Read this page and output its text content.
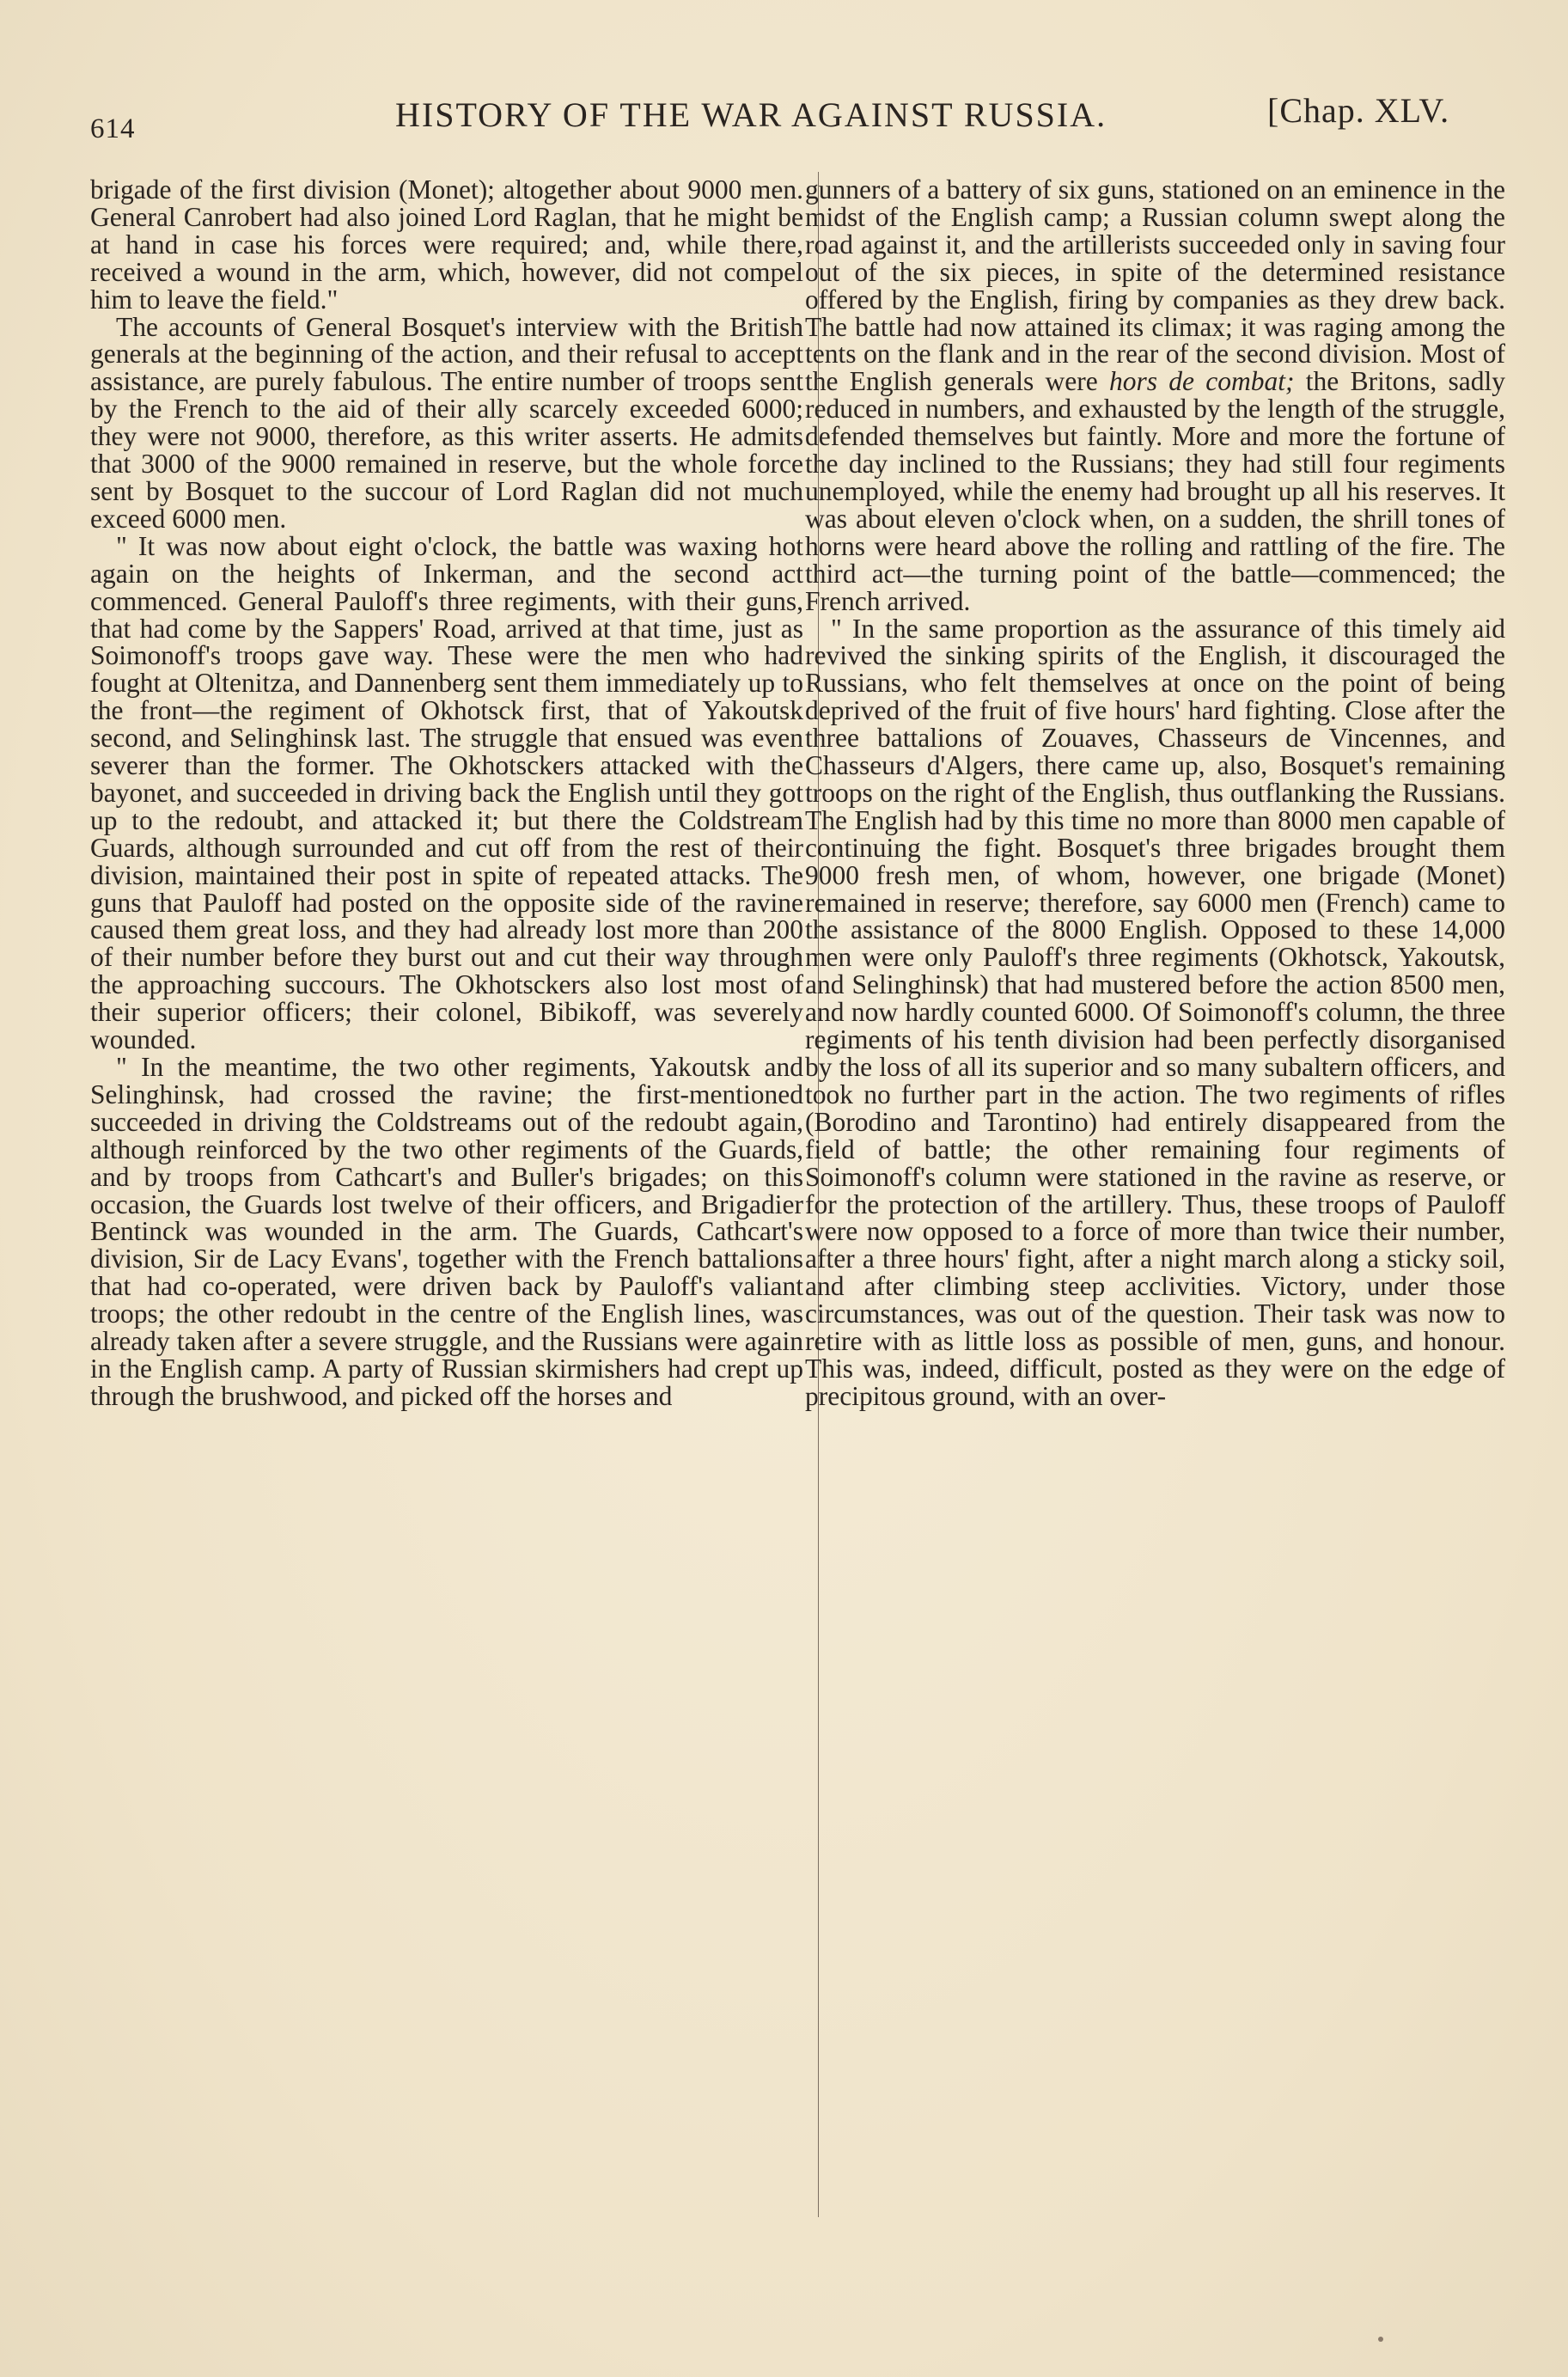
614	HISTORY OF THE WAR AGAINST RUSSIA.	[Chap. XLV.

brigade of the first division (Monet); altogether about 9000 men. General Canrobert had also joined Lord Raglan, that he might be at hand in case his forces were required; and, while there, received a wound in the arm, which, however, did not compel him to leave the field."

The accounts of General Bosquet's interview with the British generals at the beginning of the action, and their refusal to accept assistance, are purely fabulous. The entire number of troops sent by the French to the aid of their ally scarcely exceeded 6000; they were not 9000, therefore, as this writer asserts. He admits that 3000 of the 9000 remained in reserve, but the whole force sent by Bosquet to the succour of Lord Raglan did not much exceed 6000 men.

" It was now about eight o'clock, the battle was waxing hot again on the heights of Inkerman, and the second act commenced. General Pauloff's three regiments, with their guns, that had come by the Sappers' Road, arrived at that time, just as Soimonoff's troops gave way. These were the men who had fought at Oltenitza, and Dannenberg sent them immediately up to the front—the regiment of Okhotsck first, that of Yakoutsk second, and Selinghinsk last. The struggle that ensued was even severer than the former. The Okhotsckers attacked with the bayonet, and succeeded in driving back the English until they got up to the redoubt, and attacked it; but there the Coldstream Guards, although surrounded and cut off from the rest of their division, maintained their post in spite of repeated attacks. The guns that Pauloff had posted on the opposite side of the ravine caused them great loss, and they had already lost more than 200 of their number before they burst out and cut their way through the approaching succours. The Okhotsckers also lost most of their superior officers; their colonel, Bibikoff, was severely wounded.

" In the meantime, the two other regiments, Yakoutsk and Selinghinsk, had crossed the ravine; the first-mentioned succeeded in driving the Coldstreams out of the redoubt again, although reinforced by the two other regiments of the Guards, and by troops from Cathcart's and Buller's brigades; on this occasion, the Guards lost twelve of their officers, and Brigadier Bentinck was wounded in the arm. The Guards, Cathcart's division, Sir de Lacy Evans', together with the French battalions that had co-operated, were driven back by Pauloff's valiant troops; the other redoubt in the centre of the English lines, was already taken after a severe struggle, and the Russians were again in the English camp. A party of Russian skirmishers had crept up through the brushwood, and picked off the horses and

gunners of a battery of six guns, stationed on an eminence in the midst of the English camp; a Russian column swept along the road against it, and the artillerists succeeded only in saving four out of the six pieces, in spite of the determined resistance offered by the English, firing by companies as they drew back. The battle had now attained its climax; it was raging among the tents on the flank and in the rear of the second division. Most of the English generals were hors de combat; the Britons, sadly reduced in numbers, and exhausted by the length of the struggle, defended themselves but faintly. More and more the fortune of the day inclined to the Russians; they had still four regiments unemployed, while the enemy had brought up all his reserves. It was about eleven o'clock when, on a sudden, the shrill tones of horns were heard above the rolling and rattling of the fire. The third act—the turning point of the battle—commenced; the French arrived.

" In the same proportion as the assurance of this timely aid revived the sinking spirits of the English, it discouraged the Russians, who felt themselves at once on the point of being deprived of the fruit of five hours' hard fighting. Close after the three battalions of Zouaves, Chasseurs de Vincennes, and Chasseurs d'Algers, there came up, also, Bosquet's remaining troops on the right of the English, thus outflanking the Russians. The English had by this time no more than 8000 men capable of continuing the fight. Bosquet's three brigades brought them 9000 fresh men, of whom, however, one brigade (Monet) remained in reserve; therefore, say 6000 men (French) came to the assistance of the 8000 English. Opposed to these 14,000 men were only Pauloff's three regiments (Okhotsck, Yakoutsk, and Selinghinsk) that had mustered before the action 8500 men, and now hardly counted 6000. Of Soimonoff's column, the three regiments of his tenth division had been perfectly disorganised by the loss of all its superior and so many subaltern officers, and took no further part in the action. The two regiments of rifles (Borodino and Tarontino) had entirely disappeared from the field of battle; the other remaining four regiments of Soimonoff's column were stationed in the ravine as reserve, or for the protection of the artillery. Thus, these troops of Pauloff were now opposed to a force of more than twice their number, after a three hours' fight, after a night march along a sticky soil, and after climbing steep acclivities. Victory, under those circumstances, was out of the question. Their task was now to retire with as little loss as possible of men, guns, and honour. This was, indeed, difficult, posted as they were on the edge of precipitous ground, with an over-
